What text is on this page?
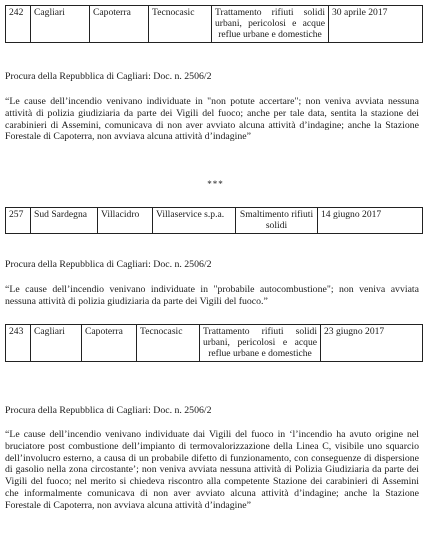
242	Cagliari	Capoterra	Tecnocasic	Trattamento rifiuti solidi urbani, pericolosi e acque reflue urbane e domestiche	30 aprile 2017
Procura della Repubblica di Cagliari: Doc. n. 2506/2
“Le cause dell’incendio venivano individuate in "non potute accertare"; non veniva avviata nessuna attività di polizia giudiziaria da parte dei Vigili del fuoco; anche per tale data, sentita la stazione dei carabinieri di Assemini, comunicava di non aver avviato alcuna attività d’indagine; anche la Stazione Forestale di Capoterra, non avviava alcuna attività d’indagine”
***
257	Sud Sardegna	Villacidro	Villaservice s.p.a.	Smaltimento rifiuti solidi	14 giugno 2017
Procura della Repubblica di Cagliari: Doc. n. 2506/2
“Le cause dell’incendio venivano individuate in "probabile autocombustione"; non veniva avviata nessuna attività di polizia giudiziaria da parte dei Vigili del fuoco.”
243	Cagliari	Capoterra	Tecnocasic	Trattamento rifiuti solidi urbani, pericolosi e acque reflue urbane e domestiche	23 giugno 2017
Procura della Repubblica di Cagliari: Doc. n. 2506/2
“Le cause dell’incendio venivano individuate dai Vigili del fuoco in ‘l’incendio ha avuto origine nel bruciatore post combustione dell’impianto di termovalorizzazione della Linea C, visibile uno squarcio dell’involucro esterno, a causa di un probabile difetto di funzionamento, con conseguenze di dispersione di gasolio nella zona circostante’; non veniva avviata nessuna attività di Polizia Giudiziaria da parte dei Vigili del fuoco; nel merito si chiedeva riscontro alla competente Stazione dei carabinieri di Assemini che informalmente comunicava di non aver avviato alcuna attività d’indagine; anche la Stazione Forestale di Capoterra, non avviava alcuna attività d’indagine”
